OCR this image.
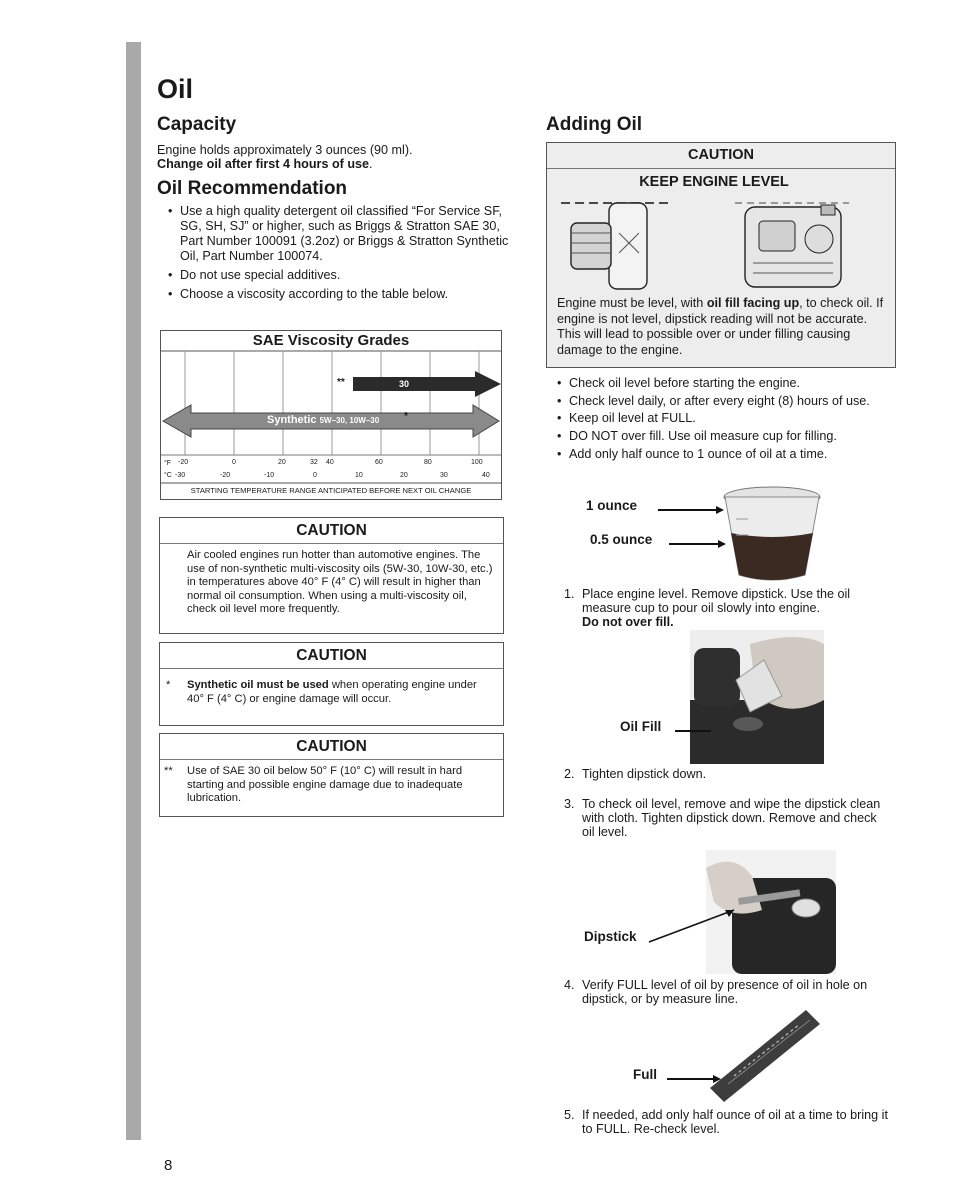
Oil
Capacity
Engine holds approximately 3 ounces (90 ml).
Change oil after first 4 hours of use.
Oil Recommendation
• Use a high quality detergent oil classified “For Service SF, SG, SH, SJ” or higher, such as Briggs & Stratton SAE 30, Part Number 100091 (3.2oz) or Briggs & Stratton Synthetic Oil, Part Number 100074.
• Do not use special additives.
• Choose a viscosity according to the table below.
SAE Viscosity Grades
**	30
Synthetic 5W–30, 10W–30 *
°F
°C
-20	0	20	32 40	60	80	100
-30	-20	-10	0	10	20	30	40
STARTING TEMPERATURE RANGE ANTICIPATED BEFORE NEXT OIL CHANGE
CAUTION
Air cooled engines run hotter than automotive engines. The use of non-synthetic multi-viscosity oils (5W-30, 10W-30, etc.) in temperatures above 40° F (4° C) will result in higher than normal oil consumption. When using a multi-viscosity oil, check oil level more frequently.
CAUTION
* Synthetic oil must be used when operating engine under 40° F (4° C) or engine damage will occur.
CAUTION
** Use of SAE 30 oil below 50° F (10° C) will result in hard starting and possible engine damage due to inadequate lubrication.
Adding Oil
CAUTION
KEEP ENGINE LEVEL
Engine must be level, with oil fill facing up, to check oil. If engine is not level, dipstick reading will not be accurate. This will lead to possible over or under filling causing damage to the engine.
• Check oil level before starting the engine.
• Check level daily, or after every eight (8) hours of use.
• Keep oil level at FULL.
• DO NOT over fill. Use oil measure cup for filling.
• Add only half ounce to 1 ounce of oil at a time.
1 ounce
0.5 ounce
1. Place engine level. Remove dipstick. Use the oil measure cup to pour oil slowly into engine.
Do not over fill.
Oil Fill
2. Tighten dipstick down.
3. To check oil level, remove and wipe the dipstick clean with cloth. Tighten dipstick down. Remove and check oil level.
Dipstick
4. Verify FULL level of oil by presence of oil in hole on dipstick, or by measure line.
Full
5. If needed, add only half ounce of oil at a time to bring it to FULL. Re-check level.
8
